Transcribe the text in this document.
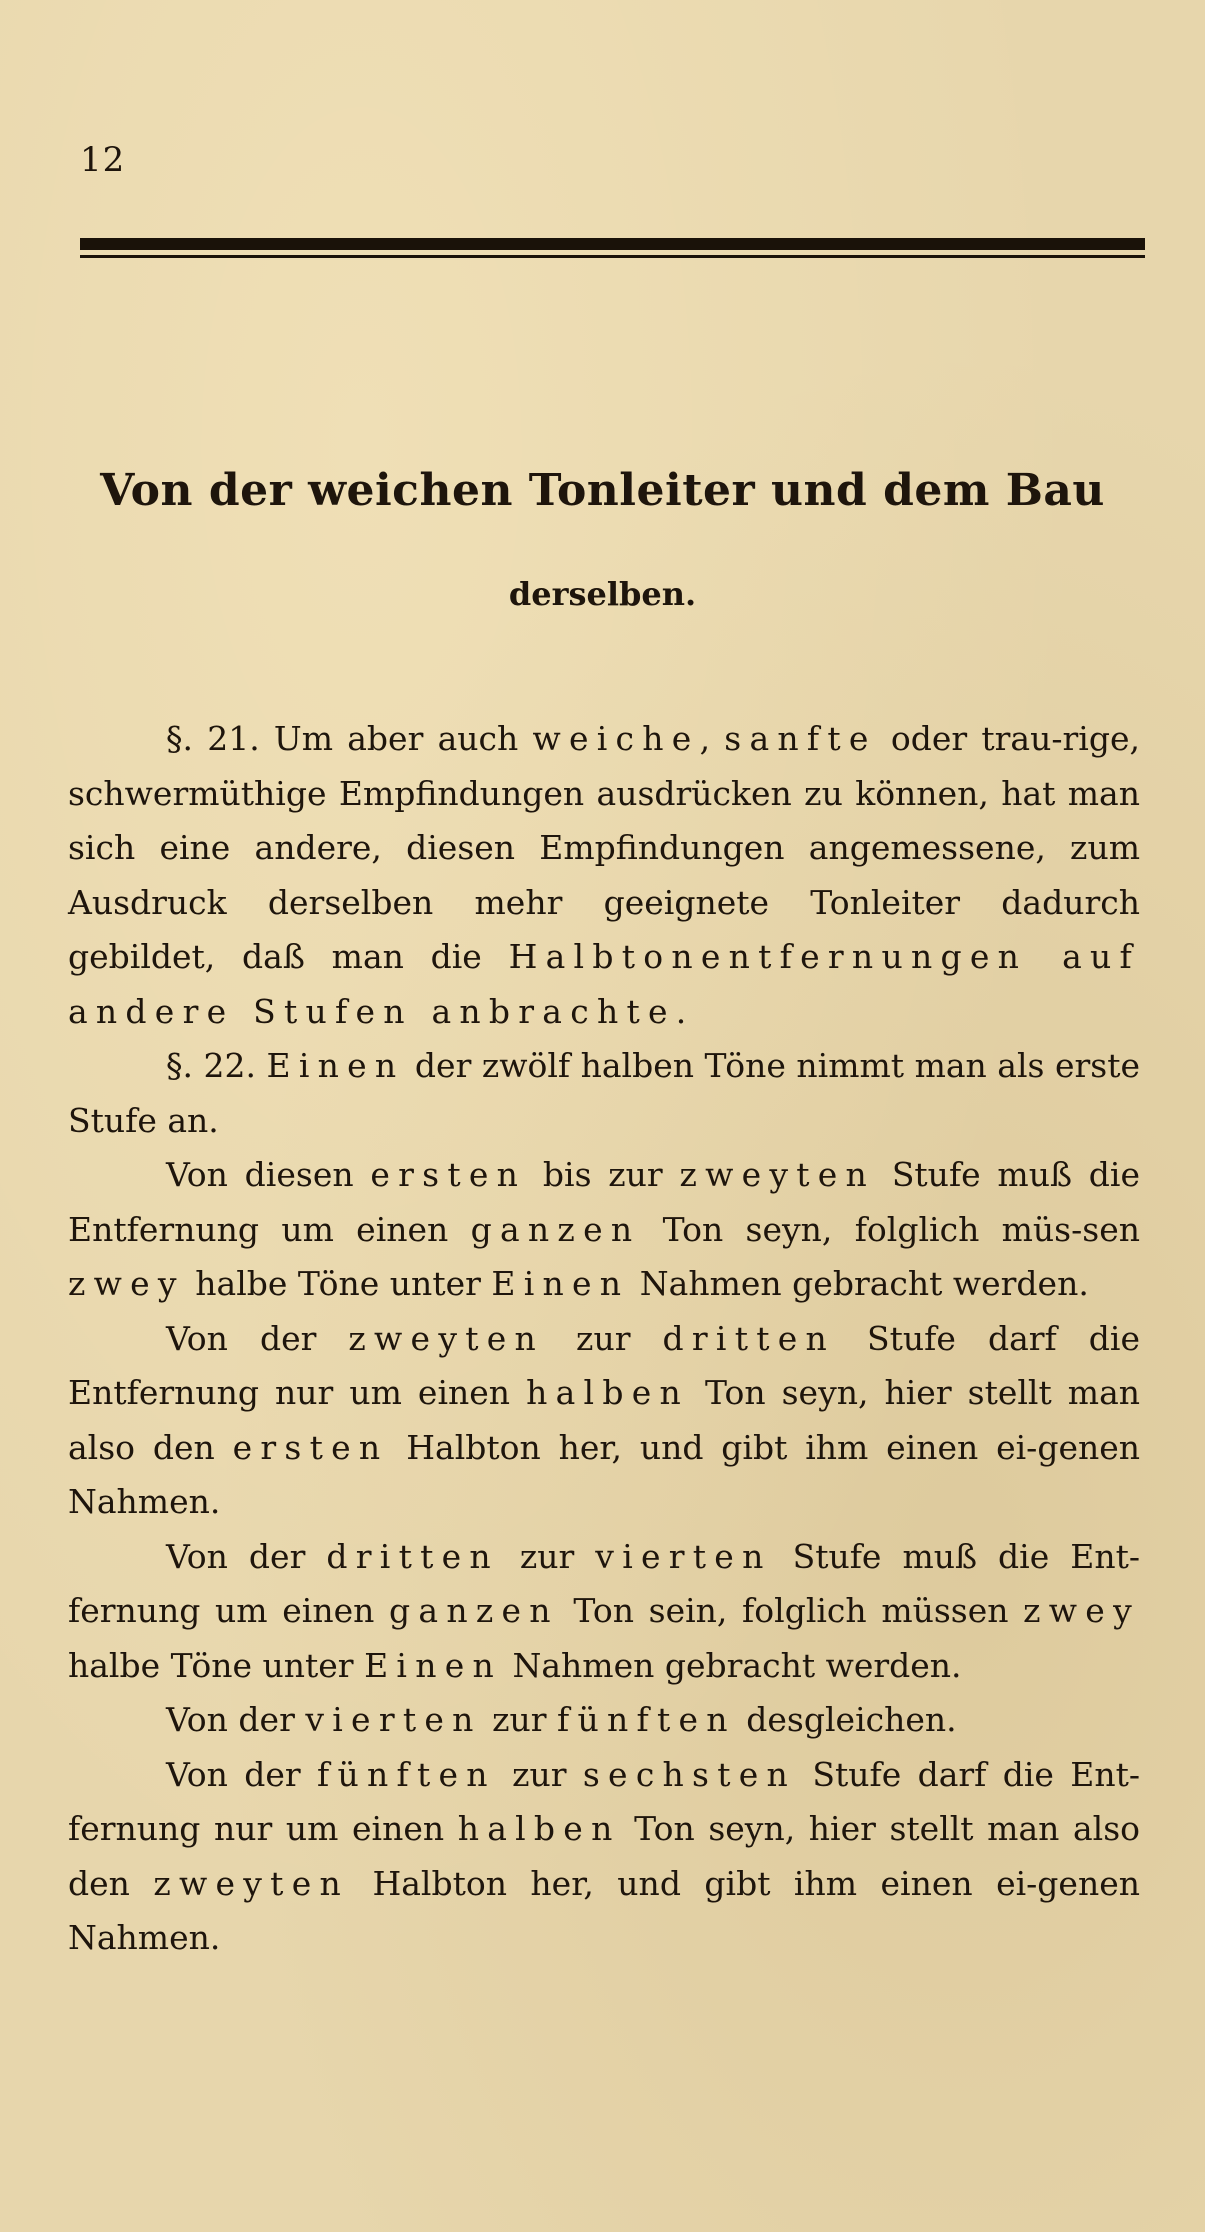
12
Von der weichen Tonleiter und dem Bau
derselben.

§. 21. Um aber auch weiche, sanfte oder trau-rige, schwermüthige Empfindungen ausdrücken zu können, hat man sich eine andere, diesen Empfindungen angemessene, zum Ausdruck derselben mehr geeignete Tonleiter dadurch gebildet, daß man die Halbtonentfernungen auf andere Stufen anbrachte.

§. 22. Einen der zwölf halben Töne nimmt man als erste Stufe an.

Von diesen ersten bis zur zweyten Stufe muß die Entfernung um einen ganzen Ton seyn, folglich müs-sen zwey halbe Töne unter Einen Nahmen gebracht werden.

Von der zweyten zur dritten Stufe darf die Entfernung nur um einen halben Ton seyn, hier stellt man also den ersten Halbton her, und gibt ihm einen ei-genen Nahmen.

Von der dritten zur vierten Stufe muß die Ent-fernung um einen ganzen Ton sein, folglich müssen zwey halbe Töne unter Einen Nahmen gebracht werden.

Von der vierten zur fünften desgleichen.

Von der fünften zur sechsten Stufe darf die Ent-fernung nur um einen halben Ton seyn, hier stellt man also den zweyten Halbton her, und gibt ihm einen ei-genen Nahmen.
